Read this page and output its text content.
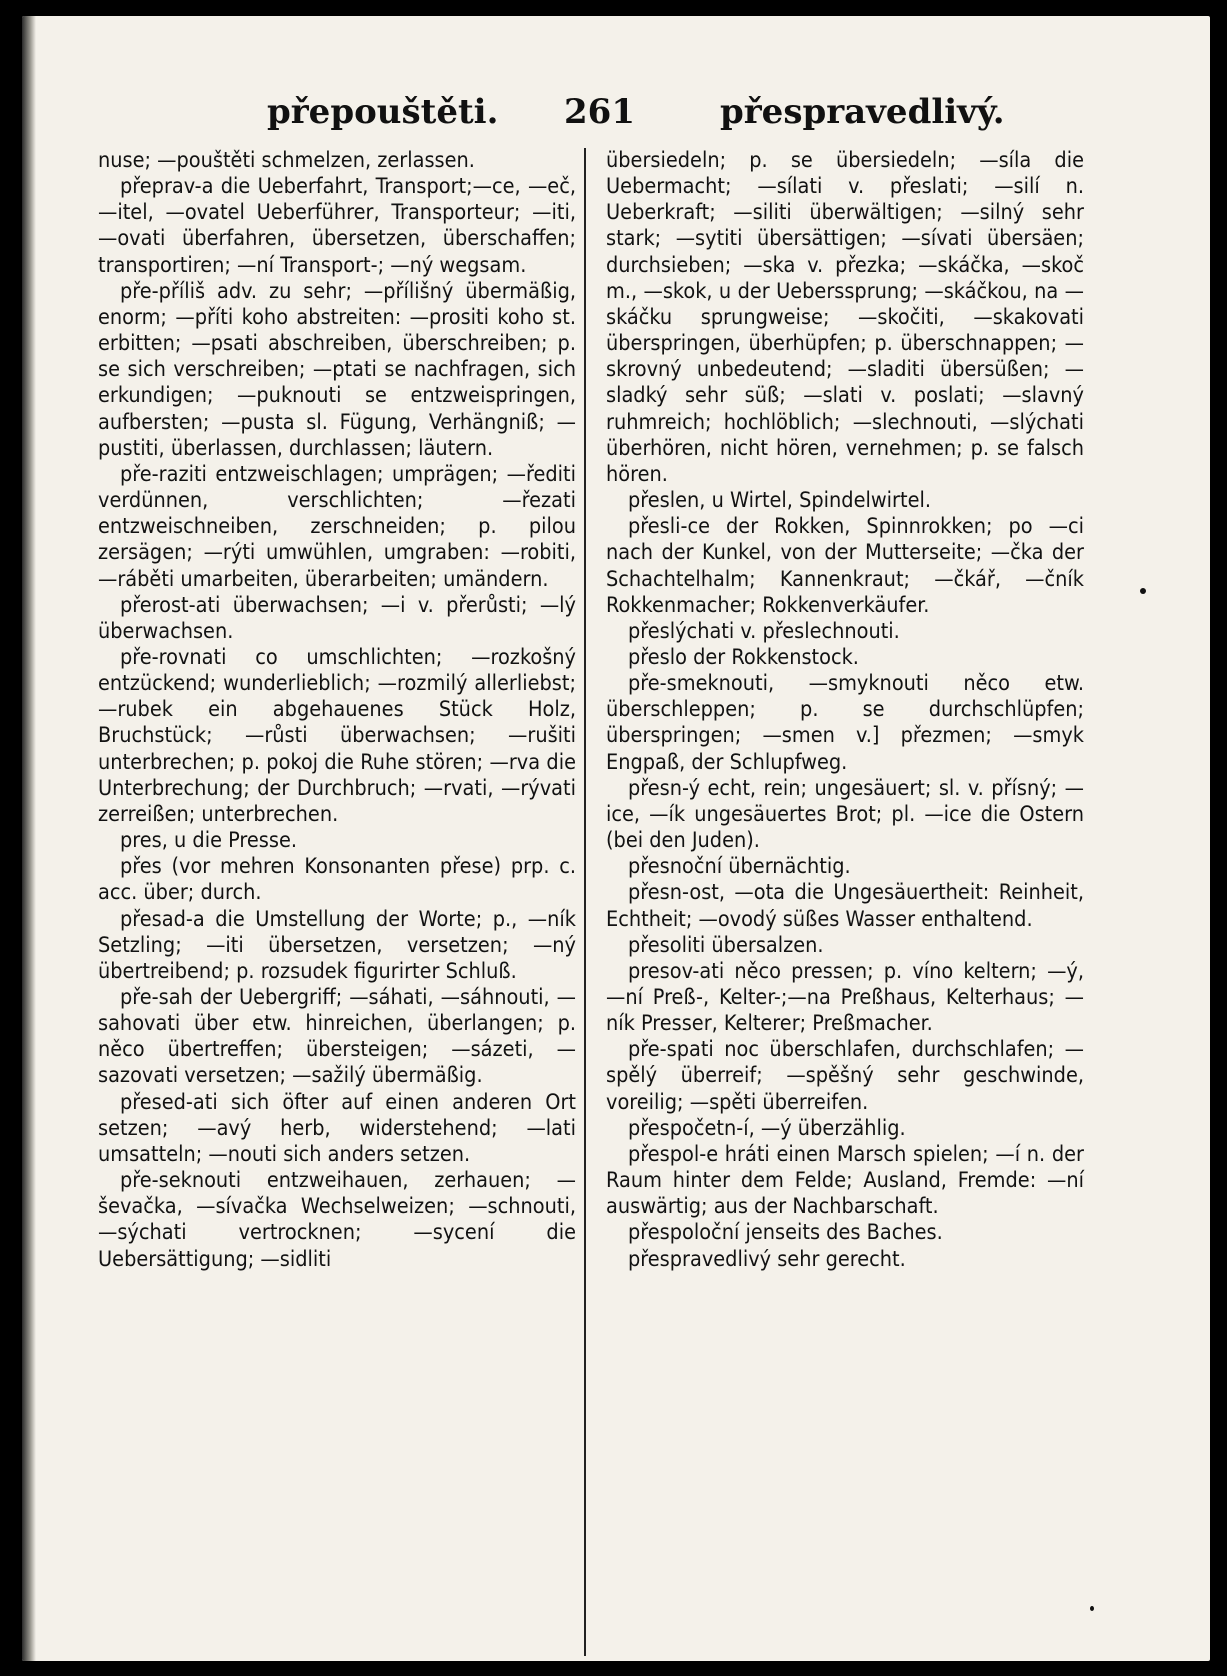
přepouštěti. 261	přespravedlivý.

nuse; —pouštěti schmelzen, zerlassen.

přeprav-a die Ueberfahrt, Transport;—ce, —eč, —itel, —ovatel Ueberführer, Transporteur; —iti, —ovati überfahren, übersetzen, überschaffen; transportiren; —ní Transport-; —ný wegsam.

pře-příliš adv. zu sehr; —přílišný übermäßig, enorm; —příti koho abstreiten: —prositi koho st. erbitten; —psati abschreiben, überschreiben; p. se sich verschreiben; —ptati se nachfragen, sich erkundigen; —puknouti se entzweispringen, aufbersten; —pusta sl. Fügung, Verhängniß; —pustiti, überlassen, durchlassen; läutern.

pře-raziti entzweischlagen; umprägen; —řediti verdünnen, verschlichten; —řezati entzweischneiben, zerschneiden; p. pilou zersägen; —rýti umwühlen, umgraben: —robiti, —ráběti umarbeiten, überarbeiten; umändern.

přerost-ati überwachsen; —i v. přerůsti; —lý überwachsen.

pře-rovnati co umschlichten; —rozkošný entzückend; wunderlieblich; —rozmilý allerliebst; —rubek ein abgehauenes Stück Holz, Bruchstück; —růsti überwachsen; —rušiti unterbrechen; p. pokoj die Ruhe stören; —rva die Unterbrechung; der Durchbruch; —rvati, —rývati zerreißen; unterbrechen.

pres, u die Presse.

přes (vor mehren Konsonanten přese) prp. c. acc. über; durch.

přesad-a die Umstellung der Worte; p., —ník Setzling; —iti übersetzen, versetzen; —ný übertreibend; p. rozsudek figurirter Schluß.

pře-sah der Uebergriff; —sáhati, —sáhnouti, —sahovati über etw. hinreichen, überlangen; p. něco übertreffen; übersteigen; —sázeti, —sazovati versetzen; —sažilý übermäßig.

přesed-ati sich öfter auf einen anderen Ort setzen; —avý herb, widerstehend; —lati umsatteln; —nouti sich anders setzen.

pře-seknouti entzweihauen, zerhauen; —ševačka, —sívačka Wechselweizen; —schnouti, —sýchati vertrocknen; —sycení die Uebersättigung; —sidliti

übersiedeln; p. se übersiedeln; —síla die Uebermacht; —sílati v. přeslati; —silí n. Ueberkraft; —siliti überwältigen; —silný sehr stark; —sytiti übersättigen; —sívati übersäen; durchsieben; —ska v. přezka; —skáčka, —skoč m., —skok, u der Ueberssprung; —skáčkou, na —skáčku sprungweise; —skočiti, —skakovati überspringen, überhüpfen; p. überschnappen; —skrovný unbedeutend; —sladiti übersüßen; —sladký sehr süß; —slati v. poslati; —slavný ruhmreich; hochlöblich; —slechnouti, —slýchati überhören, nicht hören, vernehmen; p. se falsch hören.

přeslen, u Wirtel, Spindelwirtel.

přesli-ce der Rokken, Spinnrokken; po —ci nach der Kunkel, von der Mutterseite; —čka der Schachtelhalm; Kannenkraut; —čkář, —čník Rokkenmacher; Rokkenverkäufer.

přeslýchati v. přeslechnouti.

přeslo der Rokkenstock.

pře-smeknouti, —smyknouti něco etw. überschleppen; p. se durchschlüpfen; überspringen; —smen v.] přezmen; —smyk Engpaß, der Schlupfweg.

přesn-ý echt, rein; ungesäuert; sl. v. přísný; —ice, —ík ungesäuertes Brot; pl. —ice die Ostern (bei den Juden).

přesnoční übernächtig.

přesn-ost, —ota die Ungesäuertheit: Reinheit, Echtheit; —ovodý süßes Wasser enthaltend.

přesoliti übersalzen.

presov-ati něco pressen; p. víno keltern; —ý, —ní Preß-, Kelter-;—na Preßhaus, Kelterhaus; —ník Presser, Kelterer; Preßmacher.

pře-spati noc überschlafen, durchschlafen; —spělý überreif; —spěšný sehr geschwinde, voreilig; —spěti überreifen.

přespočetn-í, —ý überzählig.

přespol-e hráti einen Marsch spielen; —í n. der Raum hinter dem Felde; Ausland, Fremde: —ní auswärtig; aus der Nachbarschaft.

přespoloční jenseits des Baches.

přespravedlivý sehr gerecht.
